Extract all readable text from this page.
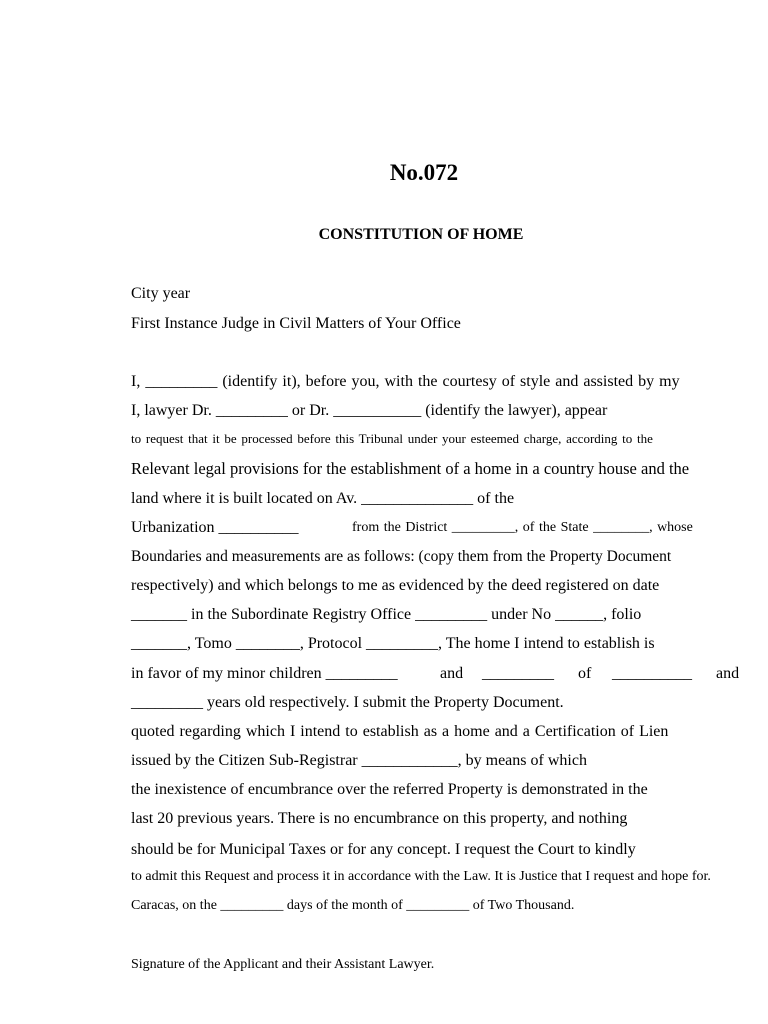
No.072
CONSTITUTION OF HOME
City year
First Instance Judge in Civil Matters of Your Office
I, _________ (identify it), before you, with the courtesy of style and assisted by my
I, lawyer Dr. _________ or Dr. ___________ (identify the lawyer), appear
to request that it be processed before this Tribunal under your esteemed charge, according to the
Relevant legal provisions for the establishment of a home in a country house and the
land where it is built located on Av. ______________ of the
Urbanization __________	from the District _________, of the State ________, whose
Boundaries and measurements are as follows: (copy them from the Property Document
respectively) and which belongs to me as evidenced by the deed registered on date
_______ in the Subordinate Registry Office _________ under No ______, folio
_______, Tomo ________, Protocol _________, The home I intend to establish is
in favor of my minor children _________	and _________ of __________ and
_________ years old respectively. I submit the Property Document.
quoted regarding which I intend to establish as a home and a Certification of Lien
issued by the Citizen Sub-Registrar ____________, by means of which
the inexistence of encumbrance over the referred Property is demonstrated in the
last 20 previous years. There is no encumbrance on this property, and nothing
should be for Municipal Taxes or for any concept. I request the Court to kindly
to admit this Request and process it in accordance with the Law. It is Justice that I request and hope for.
Caracas, on the _________ days of the month of _________ of Two Thousand.
Signature of the Applicant and their Assistant Lawyer.
